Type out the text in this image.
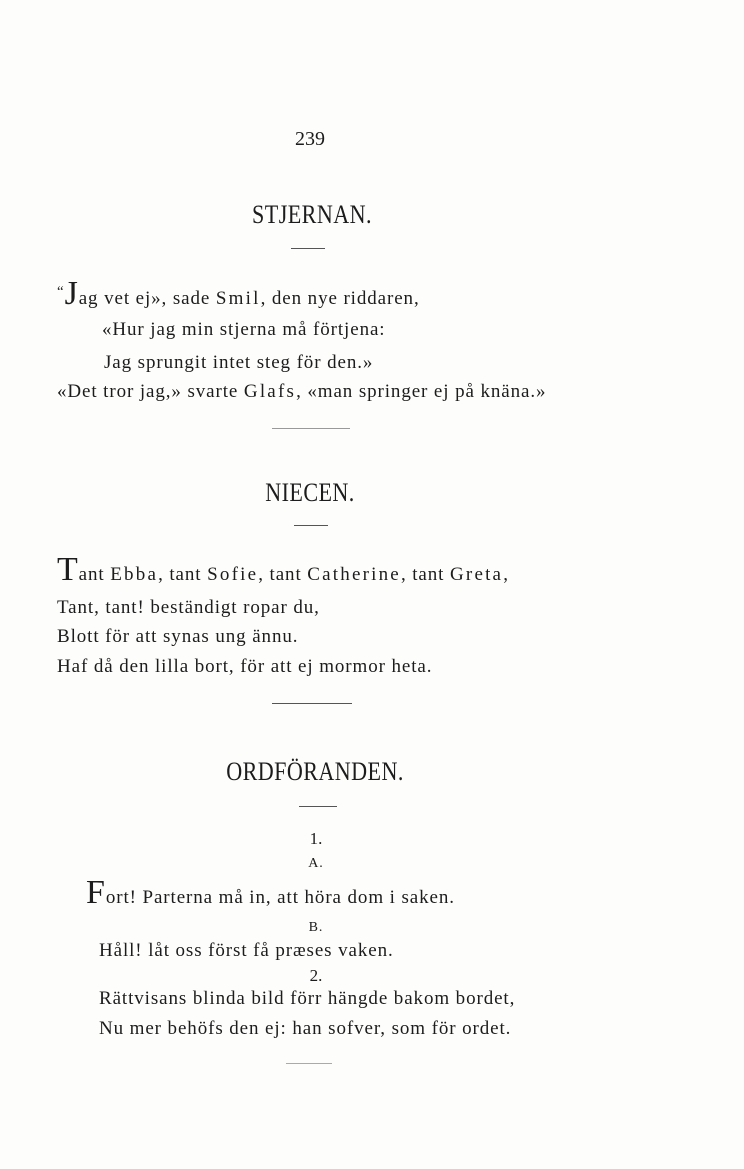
239
STJERNAN.
“Jag vet ej», sade Smil, den nye riddaren,
«Hur jag min stjerna må förtjena:
Jag sprungit intet steg för den.»
«Det tror jag,» svarte Glafs, «man springer ej på knäna.»
NIECEN.
Tant Ebba, tant Sofie, tant Catherine, tant Greta,
Tant, tant! beständigt ropar du,
Blott för att synas ung ännu.
Haf då den lilla bort, för att ej mormor heta.
ORDFÖRANDEN.
1.
A.
Fort! Parterna må in, att höra dom i saken.
B.
Håll! låt oss först få præses vaken.
2.
Rättvisans blinda bild förr hängde bakom bordet,
Nu mer behöfs den ej: han sofver, som för ordet.
